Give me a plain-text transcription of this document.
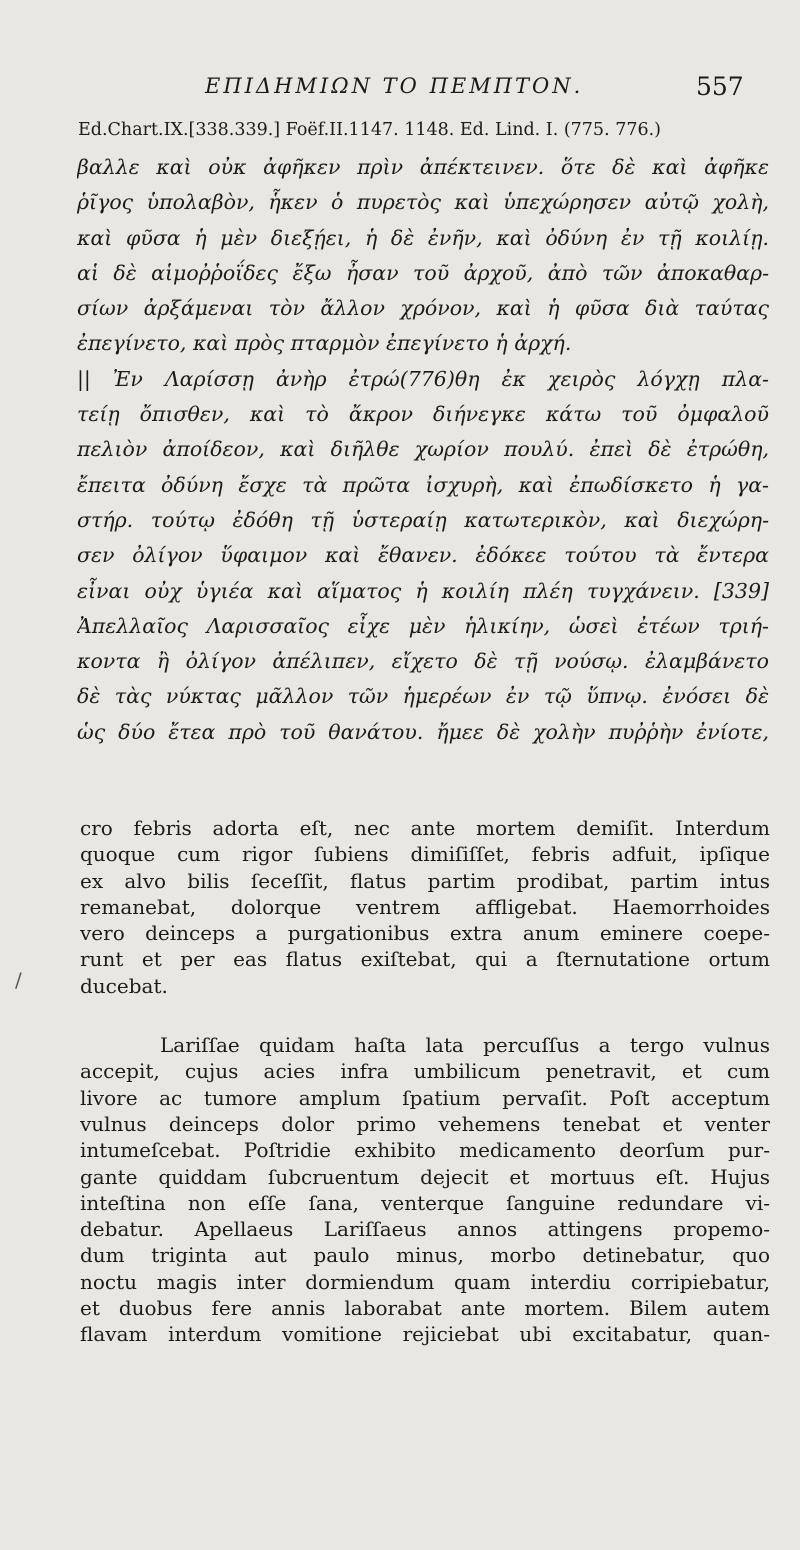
ΕΠΙΔΗΜΙΩΝ ΤΟ ΠΕΜΠΤΟΝ.	557
Ed.Chart.IX.[338.339.] Foëf.II.1147. 1148. Ed. Lind. I. (775. 776.)
βαλλε καὶ οὐκ ἀφῆκεν πρὶν ἀπέκτεινεν. ὅτε δὲ καὶ ἀφῆκε
ῥῖγος ὑπολαβὸν, ἧκεν ὁ πυρετὸς καὶ ὑπεχώρησεν αὐτῷ χολὴ,
καὶ φῦσα ἡ μὲν διεξῄει, ἡ δὲ ἐνῆν, καὶ ὀδύνη ἐν τῇ κοιλίῃ.
αἱ δὲ αἱμοῤῥοΐδες ἔξω ἦσαν τοῦ ἀρχοῦ, ἀπὸ τῶν ἀποκαθαρ-
σίων ἀρξάμεναι τὸν ἄλλον χρόνον, καὶ ἡ φῦσα διὰ ταύτας
ἐπεγίνετο, καὶ πρὸς πταρμὸν ἐπεγίνετο ἡ ἀρχή.
|| Ἐν Λαρίσσῃ ἀνὴρ ἐτρώ(776)θη ἐκ χειρὸς λόγχῃ πλα-
τείῃ ὄπισθεν, καὶ τὸ ἄκρον διήνεγκε κάτω τοῦ ὀμφαλοῦ
πελιὸν ἀποίδεον, καὶ διῆλθε χωρίον πουλύ. ἐπεὶ δὲ ἐτρώθη,
ἔπειτα ὀδύνη ἔσχε τὰ πρῶτα ἰσχυρὴ, καὶ ἐπωδίσκετο ἡ γα-
στήρ. τούτῳ ἐδόθη τῇ ὑστεραίῃ κατωτερικὸν, καὶ διεχώρη-
σεν ὀλίγον ὕφαιμον καὶ ἔθανεν. ἐδόκεε τούτου τὰ ἔντερα
εἶναι οὐχ ὑγιέα καὶ αἵματος ἡ κοιλίη πλέη τυγχάνειν. [339]
Ἀπελλαῖος Λαρισσαῖος εἶχε μὲν ἡλικίην, ὡσεὶ ἐτέων τριή-
κοντα ἢ ὀλίγον ἀπέλιπεν, εἴχετο δὲ τῇ νούσῳ. ἐλαμβάνετο
δὲ τὰς νύκτας μᾶλλον τῶν ἡμερέων ἐν τῷ ὕπνῳ. ἐνόσει δὲ
ὡς δύο ἔτεα πρὸ τοῦ θανάτου. ἤμεε δὲ χολὴν πυῤῥὴν ἐνίοτε,
/
cro febris adorta eſt, nec ante mortem demiſit. Interdum
quoque cum rigor ſubiens dimiſiſſet, febris adfuit, ipſique
ex alvo bilis ſeceſſit, flatus partim prodibat, partim intus
remanebat, dolorque ventrem affligebat. Haemorrhoides
vero deinceps a purgationibus extra anum eminere coepe-
runt et per eas flatus exiſtebat, qui a ſternutatione ortum
ducebat.
Lariſſae quidam haſta lata percuſſus a tergo vulnus
accepit, cujus acies infra umbilicum penetravit, et cum
livore ac tumore amplum ſpatium pervaſit. Poſt acceptum
vulnus deinceps dolor primo vehemens tenebat et venter
intumeſcebat. Poſtridie exhibito medicamento deorſum pur-
gante quiddam ſubcruentum dejecit et mortuus eſt. Hujus
inteſtina non eſſe ſana, venterque ſanguine redundare vi-
debatur. Apellaeus Lariſſaeus annos attingens propemo-
dum triginta aut paulo minus, morbo detinebatur, quo
noctu magis inter dormiendum quam interdiu corripiebatur,
et duobus fere annis laborabat ante mortem. Bilem autem
flavam interdum vomitione rejiciebat ubi excitabatur, quan-
